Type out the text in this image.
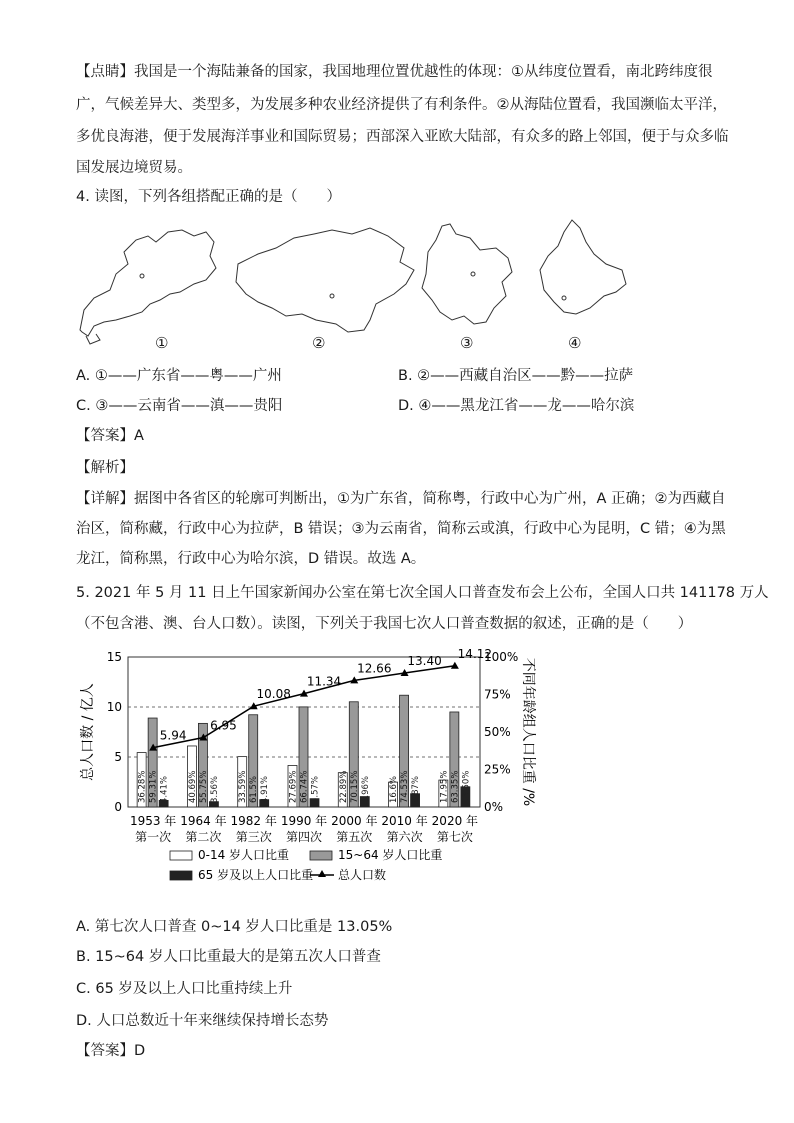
【点睛】我国是一个海陆兼备的国家，我国地理位置优越性的体现：①从纬度位置看，南北跨纬度很
广，气候差异大、类型多，为发展多种农业经济提供了有利条件。②从海陆位置看，我国濒临太平洋，
多优良海港，便于发展海洋事业和国际贸易；西部深入亚欧大陆部，有众多的路上邻国，便于与众多临
国发展边境贸易。
4. 读图，下列各组搭配正确的是（　　）
①	②	③	④
A. ①——广东省——粤——广州	B. ②——西藏自治区——黔——拉萨
C. ③——云南省——滇——贵阳	D. ④——黑龙江省——龙——哈尔滨
【答案】A
【解析】
【详解】据图中各省区的轮廓可判断出，①为广东省，简称粤，行政中心为广州，A 正确；②为西藏自
治区，简称藏，行政中心为拉萨，B 错误；③为云南省，简称云或滇，行政中心为昆明，C 错；④为黑
龙江，简称黑，行政中心为哈尔滨，D 错误。故选 A。
5. 2021 年 5 月 11 日上午国家新闻办公室在第七次全国人口普查发布会上公布，全国人口共 141178 万人
（不包含港、澳、台人口数）。读图，下列关于我国七次人口普查数据的叙述，正确的是（　　）
0
5
10
15
0%
25%
50%
75%
100%
总人口数 / 亿人	不同年龄组人口比重 /%
36.28% 59.31% 4.41%
1953 年
第一次
40.69% 55.75% 3.56%
1964 年
第二次
33.59% 61.5% 4.91%
1982 年
第三次
27.69% 66.74% 5.57%
1990 年
第四次
22.89% 70.15% 6.96%
2000 年
第五次
16.6% 74.53% 8.87%
2010 年
第六次
17.95% 63.35% 13.50%
2020 年
第七次
5.94
6.95
10.08
11.34
12.66
13.40
14.12
0-14 岁人口比重	15~64 岁人口比重
65 岁及以上人口比重 总人口数
A. 第七次人口普查 0~14 岁人口比重是 13.05%
B. 15~64 岁人口比重最大的是第五次人口普查
C. 65 岁及以上人口比重持续上升
D. 人口总数近十年来继续保持增长态势
【答案】D
